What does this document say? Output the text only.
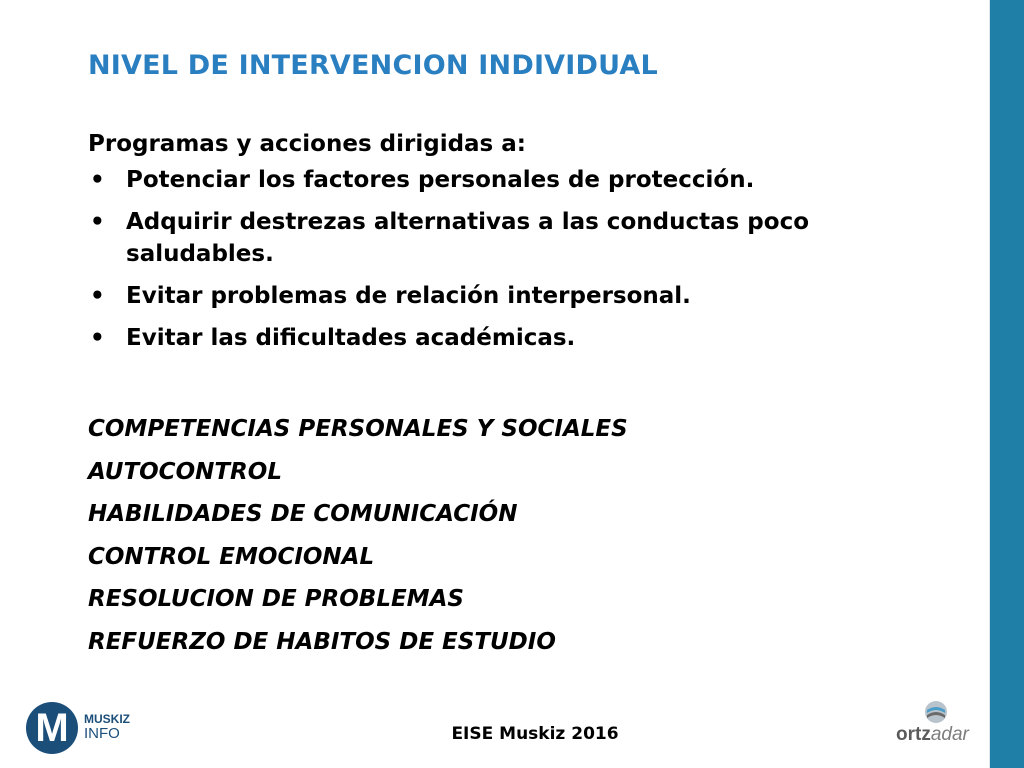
NIVEL DE INTERVENCION INDIVIDUAL
Programas y acciones dirigidas a:
• Potenciar los factores personales de protección.
• Adquirir destrezas alternativas a las conductas poco saludables.
• Evitar problemas de relación interpersonal.
• Evitar las dificultades académicas.
COMPETENCIAS PERSONALES Y SOCIALES
AUTOCONTROL
HABILIDADES DE COMUNICACIÓN
CONTROL EMOCIONAL
RESOLUCION DE PROBLEMAS
REFUERZO DE HABITOS DE ESTUDIO
M	MUSKIZ
INFO	EISE Muskiz 2016	ortzadar
